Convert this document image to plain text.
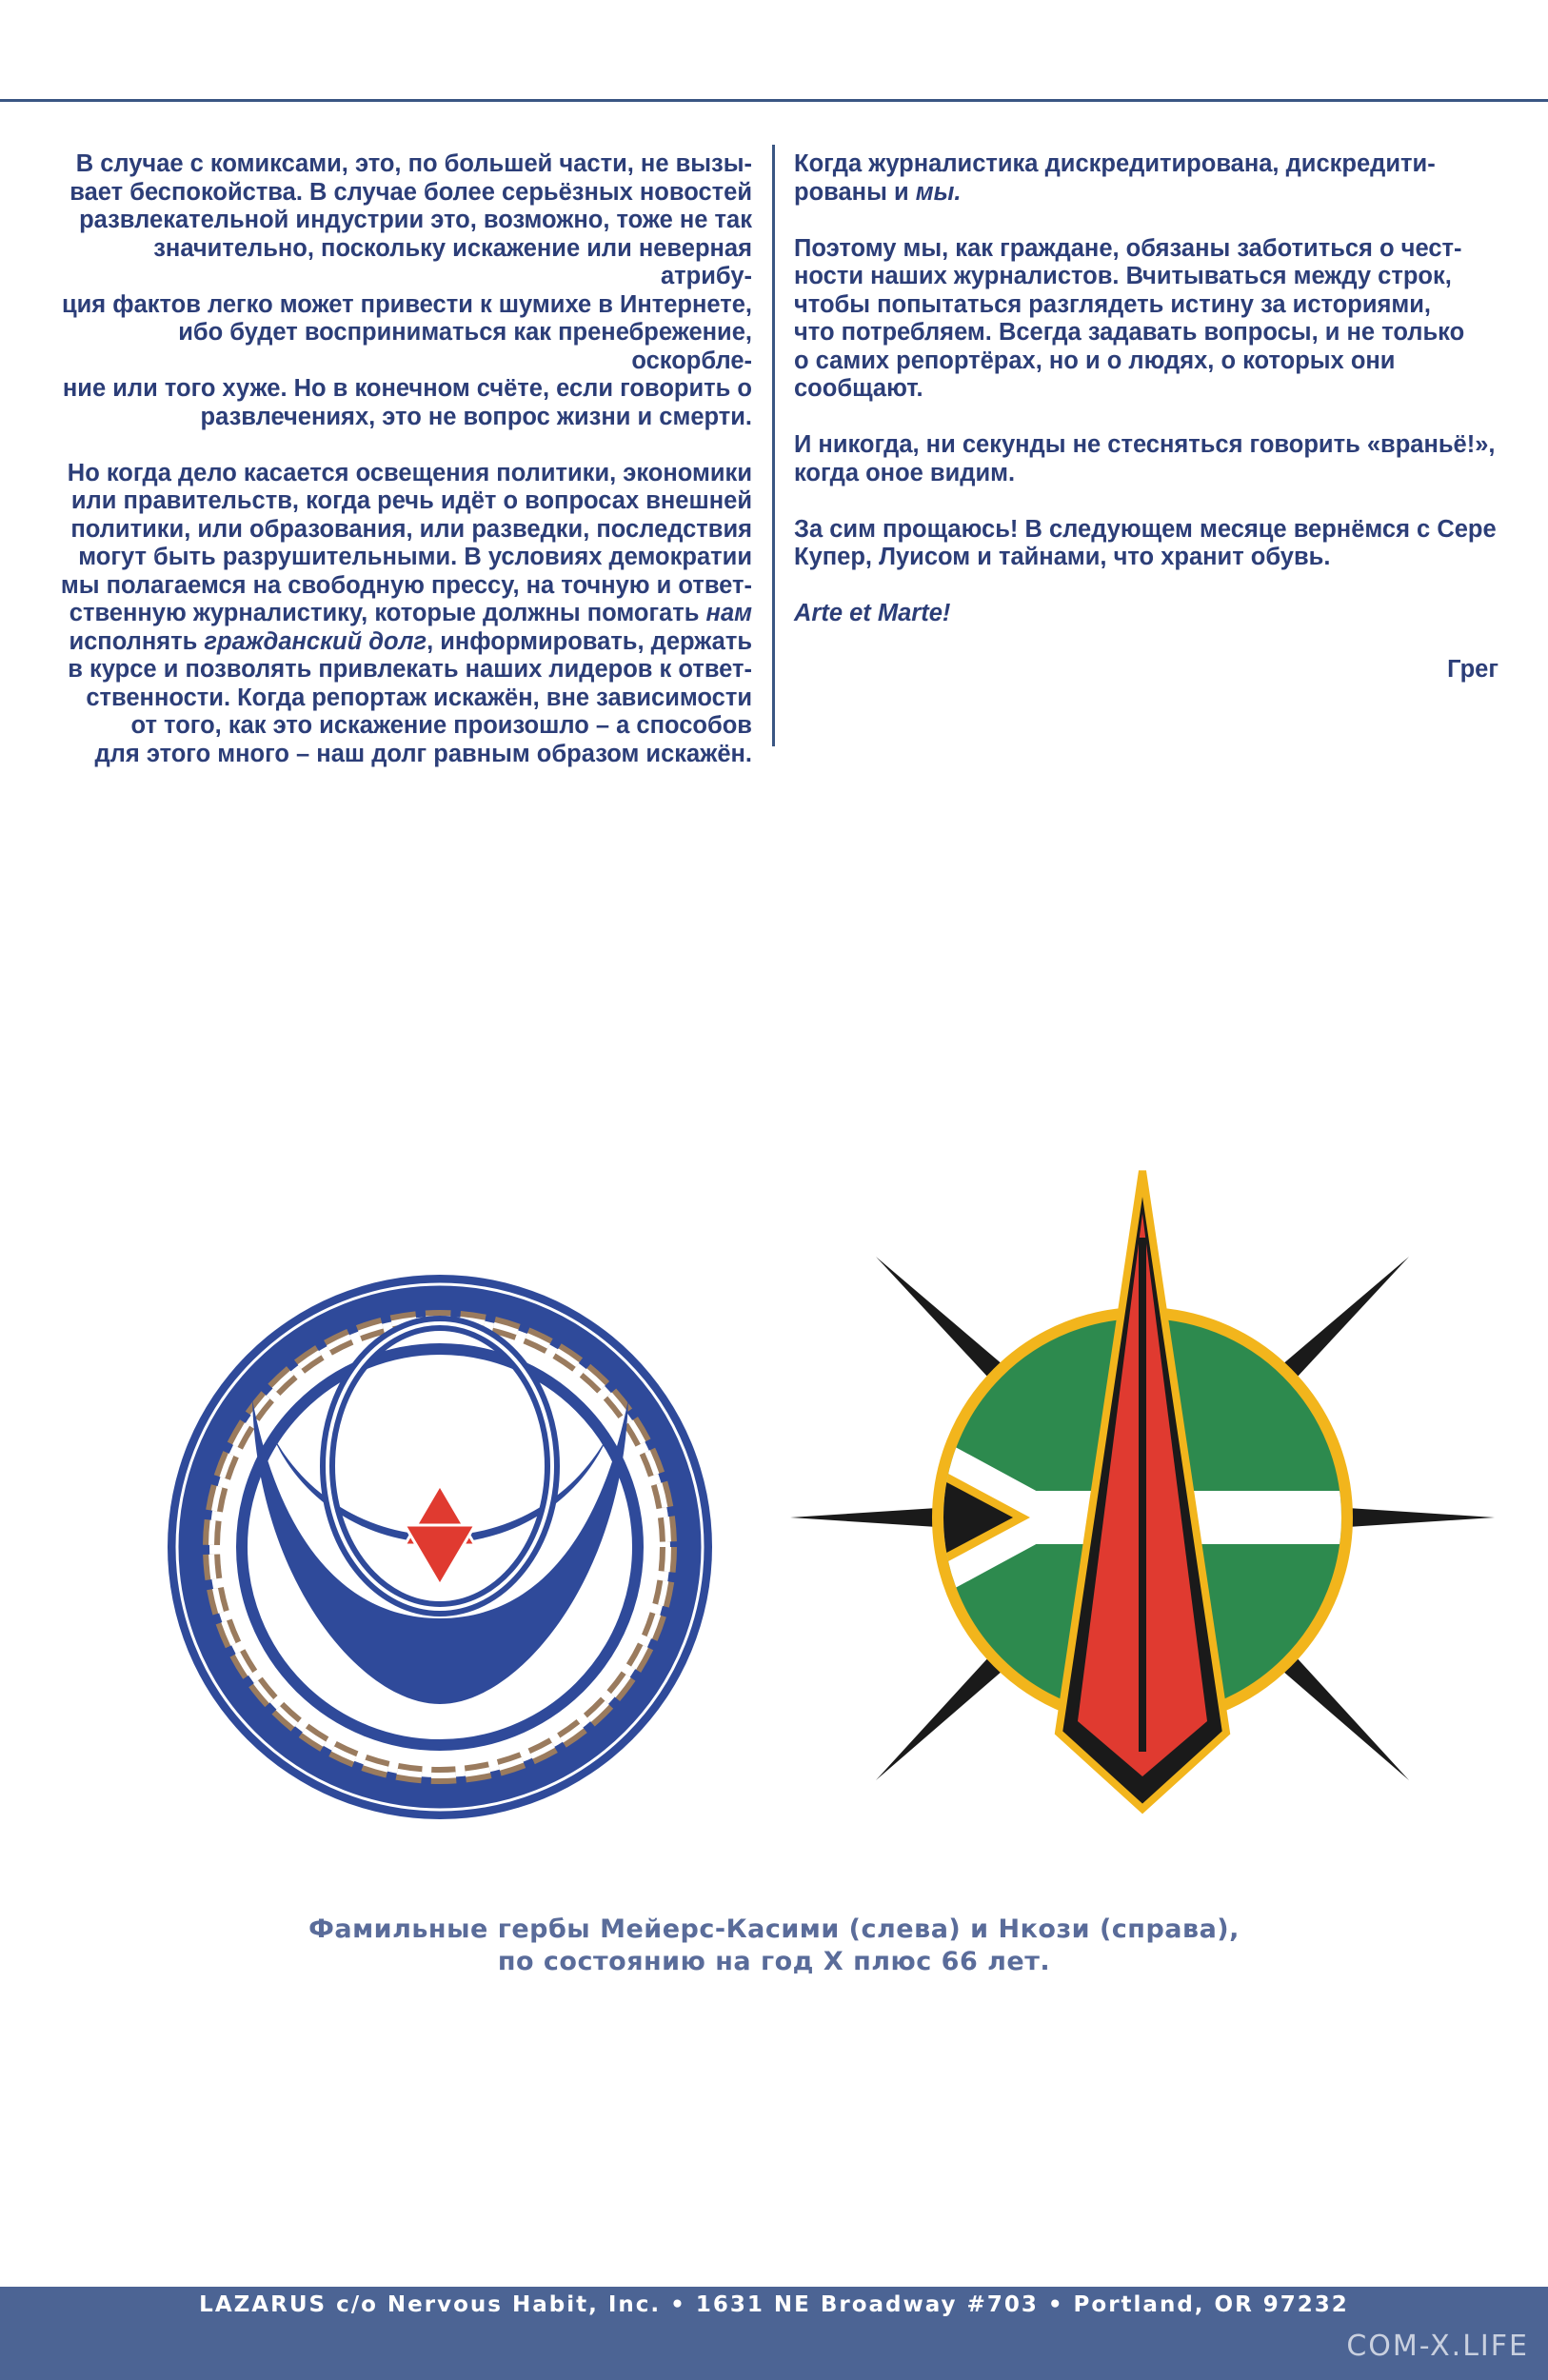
В случае с комиксами, это, по большей части, не вызы-
вает беспокойства. В случае более серьёзных новостей
развлекательной индустрии это, возможно, тоже не так
значительно, поскольку искажение или неверная атрибу-
ция фактов легко может привести к шумихе в Интернете,
ибо будет восприниматься как пренебрежение, оскорбле-
ние или того хуже. Но в конечном счёте, если говорить о
развлечениях, это не вопрос жизни и смерти.

Но когда дело касается освещения политики, экономики
или правительств, когда речь идёт о вопросах внешней
политики, или образования, или разведки, последствия
могут быть разрушительными. В условиях демократии
мы полагаемся на свободную прессу, на точную и ответ-
ственную журналистику, которые должны помогать нам
исполнять гражданский долг, информировать, держать
в курсе и позволять привлекать наших лидеров к ответ-
ственности. Когда репортаж искажён, вне зависимости
от того, как это искажение произошло – а способов
для этого много – наш долг равным образом искажён.

Когда журналистика дискредитирована, дискредити-
рованы и мы.

Поэтому мы, как граждане, обязаны заботиться о чест-
ности наших журналистов. Вчитываться между строк,
чтобы попытаться разглядеть истину за историями,
что потребляем. Всегда задавать вопросы, и не только
о самих репортёрах, но и о людях, о которых они
сообщают.

И никогда, ни секунды не стесняться говорить «враньё!»,
когда оное видим.

За сим прощаюсь! В следующем месяце вернёмся с Сере
Купер, Луисом и тайнами, что хранит обувь.

Arte et Marte!

Грег

Фамильные гербы Мейерс-Касими (слева) и Нкози (справа),
по состоянию на год X плюс 66 лет.
LAZARUS c/o Nervous Habit, Inc. • 1631 NE Broadway #703 • Portland, OR 97232
COM-X.LIFE
